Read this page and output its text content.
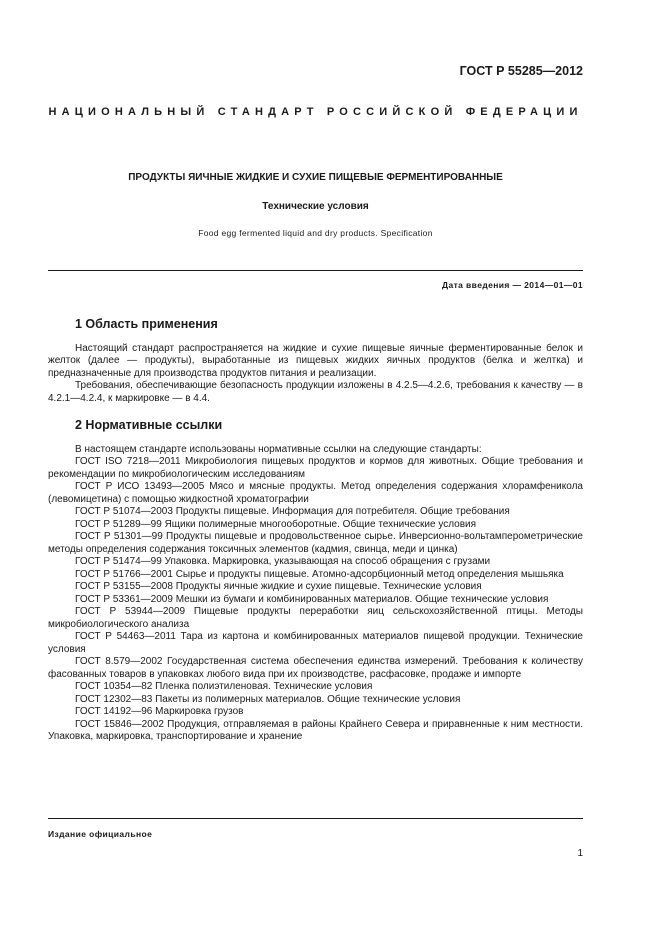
ГОСТ Р 55285—2012
НАЦИОНАЛЬНЫЙ СТАНДАРТ РОССИЙСКОЙ ФЕДЕРАЦИИ
ПРОДУКТЫ ЯИЧНЫЕ ЖИДКИЕ И СУХИЕ ПИЩЕВЫЕ ФЕРМЕНТИРОВАННЫЕ
Технические условия
Food egg fermented liquid and dry products. Specification
Дата введения — 2014—01—01
1 Область применения

Настоящий стандарт распространяется на жидкие и сухие пищевые яичные ферментированные белок и желток (далее — продукты), выработанные из пищевых жидких яичных продуктов (белка и желтка) и предназначенные для производства продуктов питания и реализации.

Требования, обеспечивающие безопасность продукции изложены в 4.2.5—4.2.6, требования к качеству — в 4.2.1—4.2.4, к маркировке — в 4.4.

2 Нормативные ссылки

В настоящем стандарте использованы нормативные ссылки на следующие стандарты:

ГОСТ ISO 7218—2011 Микробиология пищевых продуктов и кормов для животных. Общие требования и рекомендации по микробиологическим исследованиям

ГОСТ Р ИСО 13493—2005 Мясо и мясные продукты. Метод определения содержания хлорамфеникола (левомицетина) с помощью жидкостной хроматографии

ГОСТ Р 51074—2003 Продукты пищевые. Информация для потребителя. Общие требования

ГОСТ Р 51289—99 Ящики полимерные многооборотные. Общие технические условия

ГОСТ Р 51301—99 Продукты пищевые и продовольственное сырье. Инверсионно-вольтамперометрические методы определения содержания токсичных элементов (кадмия, свинца, меди и цинка)

ГОСТ Р 51474—99 Упаковка. Маркировка, указывающая на способ обращения с грузами

ГОСТ Р 51766—2001 Сырье и продукты пищевые. Атомно-адсорбционный метод определения мышьяка

ГОСТ Р 53155—2008 Продукты яичные жидкие и сухие пищевые. Технические условия

ГОСТ Р 53361—2009 Мешки из бумаги и комбинированных материалов. Общие технические условия

ГОСТ Р 53944—2009 Пищевые продукты переработки яиц сельскохозяйственной птицы. Методы микробиологического анализа

ГОСТ Р 54463—2011 Тара из картона и комбинированных материалов пищевой продукции. Технические условия

ГОСТ 8.579—2002 Государственная система обеспечения единства измерений. Требования к количеству фасованных товаров в упаковках любого вида при их производстве, расфасовке, продаже и импорте

ГОСТ 10354—82 Пленка полиэтиленовая. Технические условия

ГОСТ 12302—83 Пакеты из полимерных материалов. Общие технические условия

ГОСТ 14192—96 Маркировка грузов

ГОСТ 15846—2002 Продукция, отправляемая в районы Крайнего Севера и приравненные к ним местности. Упаковка, маркировка, транспортирование и хранение

Издание официальное
1
